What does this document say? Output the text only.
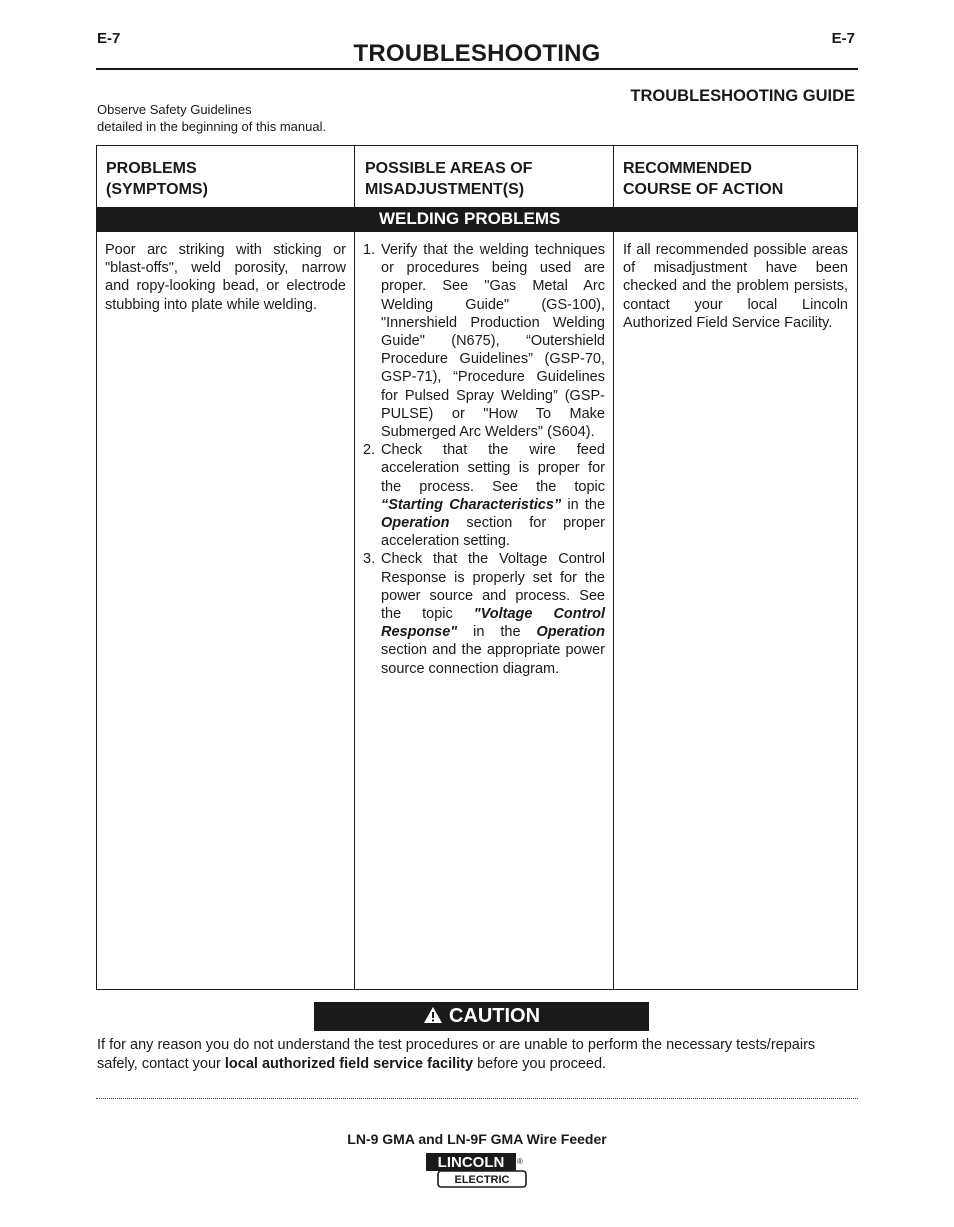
E-7	E-7
TROUBLESHOOTING
TROUBLESHOOTING GUIDE
Observe Safety Guidelines
detailed in the beginning of this manual.
PROBLEMS
(SYMPTOMS)
POSSIBLE AREAS OF
MISADJUSTMENT(S)
RECOMMENDED
COURSE OF ACTION
WELDING PROBLEMS
Poor arc striking with sticking or "blast-offs", weld porosity, narrow and ropy-looking bead, or electrode stubbing into plate while welding.
1. Verify that the welding techniques or procedures being used are proper. See "Gas Metal Arc Welding Guide" (GS-100), "Innershield Production Welding Guide" (N675), “Outershield Procedure Guidelines” (GSP-70, GSP-71), “Procedure Guidelines for Pulsed Spray Welding” (GSP-PULSE) or "How To Make Submerged Arc Welders" (S604).
2. Check that the wire feed acceleration setting is proper for the process. See the topic “Starting Characteristics” in the Operation section for proper acceleration setting.
3. Check that the Voltage Control Response is properly set for the power source and process. See the topic "Voltage Control Response" in the Operation section and the appropriate power source connection diagram.
If all recommended possible areas of misadjustment have been checked and the problem persists, contact your local Lincoln Authorized Field Service Facility.
CAUTION
If for any reason you do not understand the test procedures or are unable to perform the necessary tests/repairs safely, contact your local authorized field service facility before you proceed.
LN-9 GMA and LN-9F GMA Wire Feeder
LINCOLN ®
ELECTRIC
